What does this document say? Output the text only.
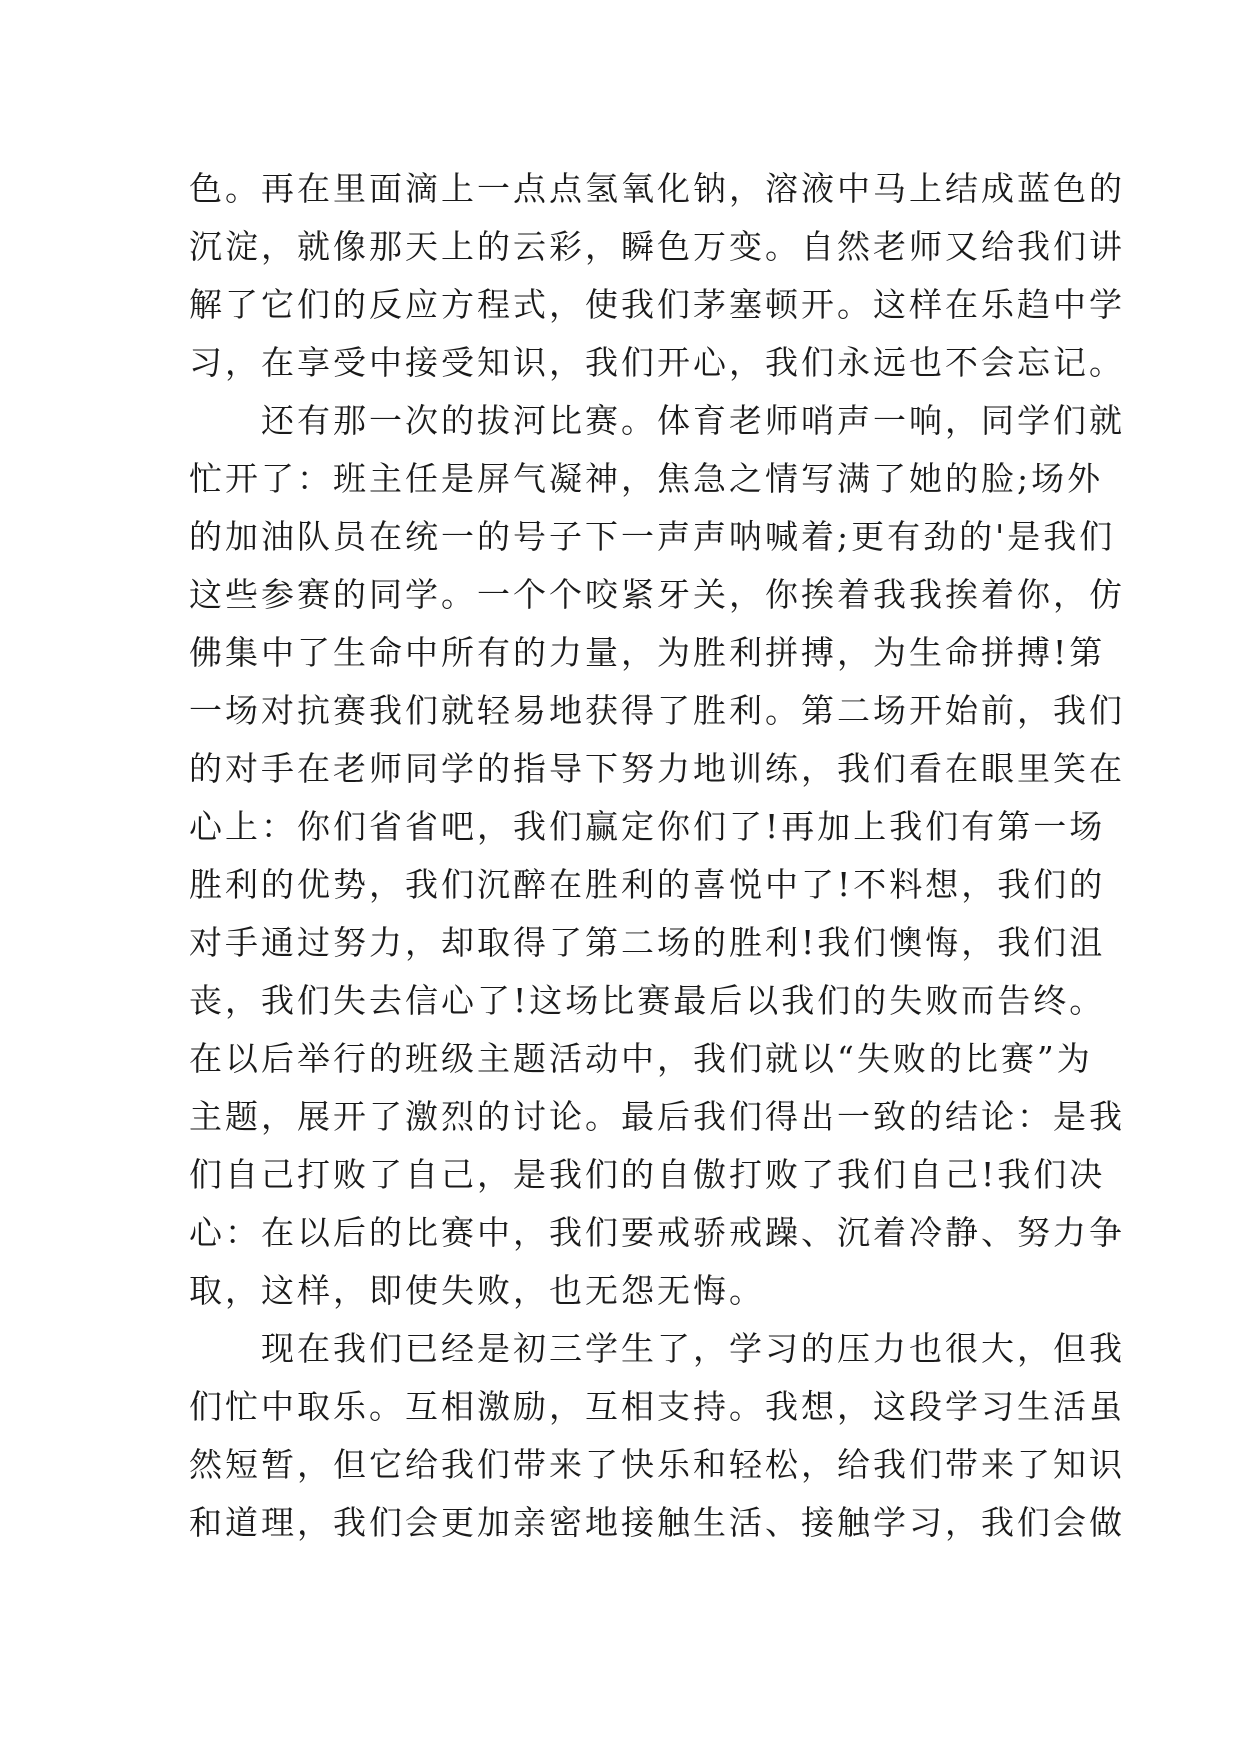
色。再在里面滴上一点点氢氧化钠，溶液中马上结成蓝色的
沉淀，就像那天上的云彩，瞬色万变。自然老师又给我们讲
解了它们的反应方程式，使我们茅塞顿开。这样在乐趋中学
习，在享受中接受知识，我们开心，我们永远也不会忘记。
　　还有那一次的拔河比赛。体育老师哨声一响，同学们就
忙开了：班主任是屏气凝神，焦急之情写满了她的脸;场外
的加油队员在统一的号子下一声声呐喊着;更有劲的'是我们
这些参赛的同学。一个个咬紧牙关，你挨着我我挨着你，仿
佛集中了生命中所有的力量，为胜利拼搏，为生命拼搏!第
一场对抗赛我们就轻易地获得了胜利。第二场开始前，我们
的对手在老师同学的指导下努力地训练，我们看在眼里笑在
心上：你们省省吧，我们赢定你们了!再加上我们有第一场
胜利的优势，我们沉醉在胜利的喜悦中了!不料想，我们的
对手通过努力，却取得了第二场的胜利!我们懊悔，我们沮
丧，我们失去信心了!这场比赛最后以我们的失败而告终。
在以后举行的班级主题活动中，我们就以“失败的比赛”为
主题，展开了激烈的讨论。最后我们得出一致的结论：是我
们自己打败了自己，是我们的自傲打败了我们自己!我们决
心：在以后的比赛中，我们要戒骄戒躁、沉着冷静、努力争
取，这样，即使失败，也无怨无悔。
　　现在我们已经是初三学生了，学习的压力也很大，但我
们忙中取乐。互相激励，互相支持。我想，这段学习生活虽
然短暂，但它给我们带来了快乐和轻松，给我们带来了知识
和道理，我们会更加亲密地接触生活、接触学习，我们会做
